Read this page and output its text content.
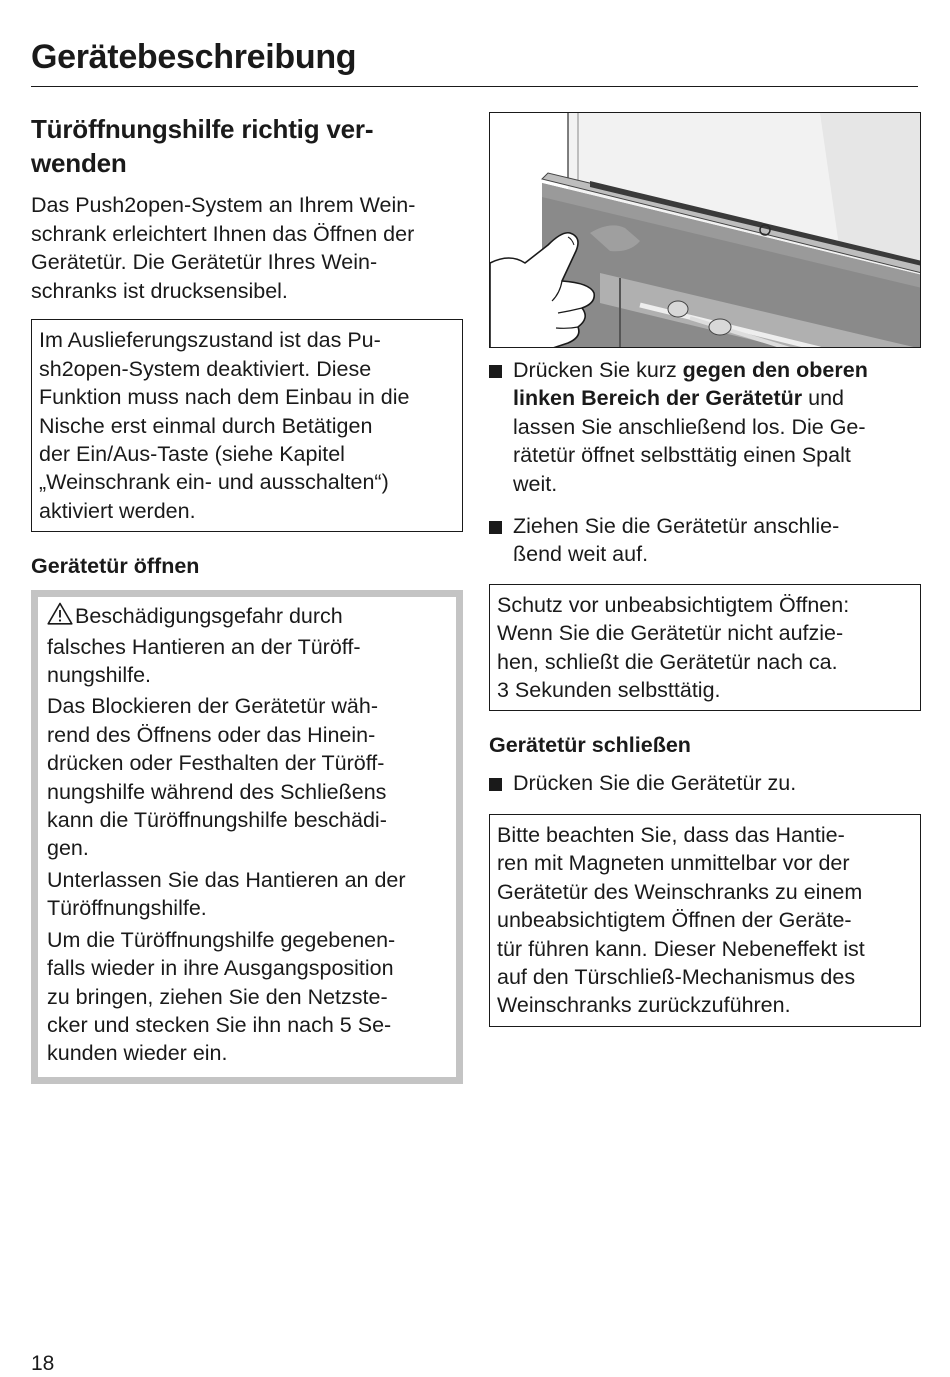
Gerätebeschreibung
Türöffnungshilfe richtig ver-
wenden

Das Push2open-System an Ihrem Wein-
schrank erleichtert Ihnen das Öffnen der
Gerätetür. Die Gerätetür Ihres Wein-
schranks ist drucksensibel.

Im Auslieferungszustand ist das Pu-
sh2open-System deaktiviert. Diese
Funktion muss nach dem Einbau in die
Nische erst einmal durch Betätigen
der Ein/Aus-Taste (siehe Kapitel
„Weinschrank ein- und ausschalten“)
aktiviert werden.
Gerätetür öffnen

Beschädigungsgefahr durch
falsches Hantieren an der Türöff-
nungshilfe.

Das Blockieren der Gerätetür wäh-
rend des Öffnens oder das Hinein-
drücken oder Festhalten der Türöff-
nungshilfe während des Schließens
kann die Türöffnungshilfe beschädi-
gen.

Unterlassen Sie das Hantieren an der
Türöffnungshilfe.

Um die Türöffnungshilfe gegebenen-
falls wieder in ihre Ausgangsposition
zu bringen, ziehen Sie den Netzste-
cker und stecken Sie ihn nach 5 Se-
kunden wieder ein.

Drücken Sie kurz gegen den oberen
linken Bereich der Gerätetür und
lassen Sie anschließend los. Die Ge-
rätetür öffnet selbsttätig einen Spalt
weit.
Ziehen Sie die Gerätetür anschlie-
ßend weit auf.
Schutz vor unbeabsichtigtem Öffnen:
Wenn Sie die Gerätetür nicht aufzie-
hen, schließt die Gerätetür nach ca.
3 Sekunden selbsttätig.
Gerätetür schließen
Drücken Sie die Gerätetür zu.
Bitte beachten Sie, dass das Hantie-
ren mit Magneten unmittelbar vor der
Gerätetür des Weinschranks zu einem
unbeabsichtigtem Öffnen der Geräte-
tür führen kann. Dieser Nebeneffekt ist
auf den Türschließ-Mechanismus des
Weinschranks zurückzuführen.
18
